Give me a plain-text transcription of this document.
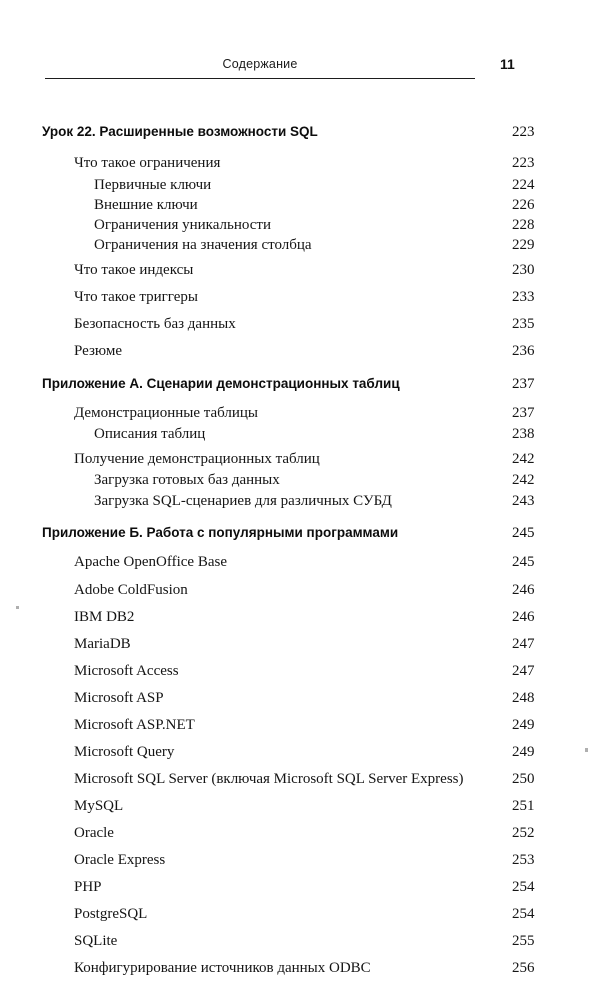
Содержание	11
Урок 22. Расширенные возможности SQL	223
Что такое ограничения	223
Первичные ключи	224
Внешние ключи	226
Ограничения уникальности	228
Ограничения на значения столбца	229
Что такое индексы	230
Что такое триггеры	233
Безопасность баз данных	235
Резюме	236
Приложение А. Сценарии демонстрационных таблиц	237
Демонстрационные таблицы	237
Описания таблиц	238
Получение демонстрационных таблиц	242
Загрузка готовых баз данных	242
Загрузка SQL-сценариев для различных СУБД	243
Приложение Б. Работа с популярными программами	245
Apache OpenOffice Base	245
Adobe ColdFusion	246
IBM DB2	246
MariaDB	247
Microsoft Access	247
Microsoft ASP	248
Microsoft ASP.NET	249
Microsoft Query	249
Microsoft SQL Server (включая Microsoft SQL Server Express)	250
MySQL	251
Oracle	252
Oracle Express	253
PHP	254
PostgreSQL	254
SQLite	255
Конфигурирование источников данных ODBC	256
